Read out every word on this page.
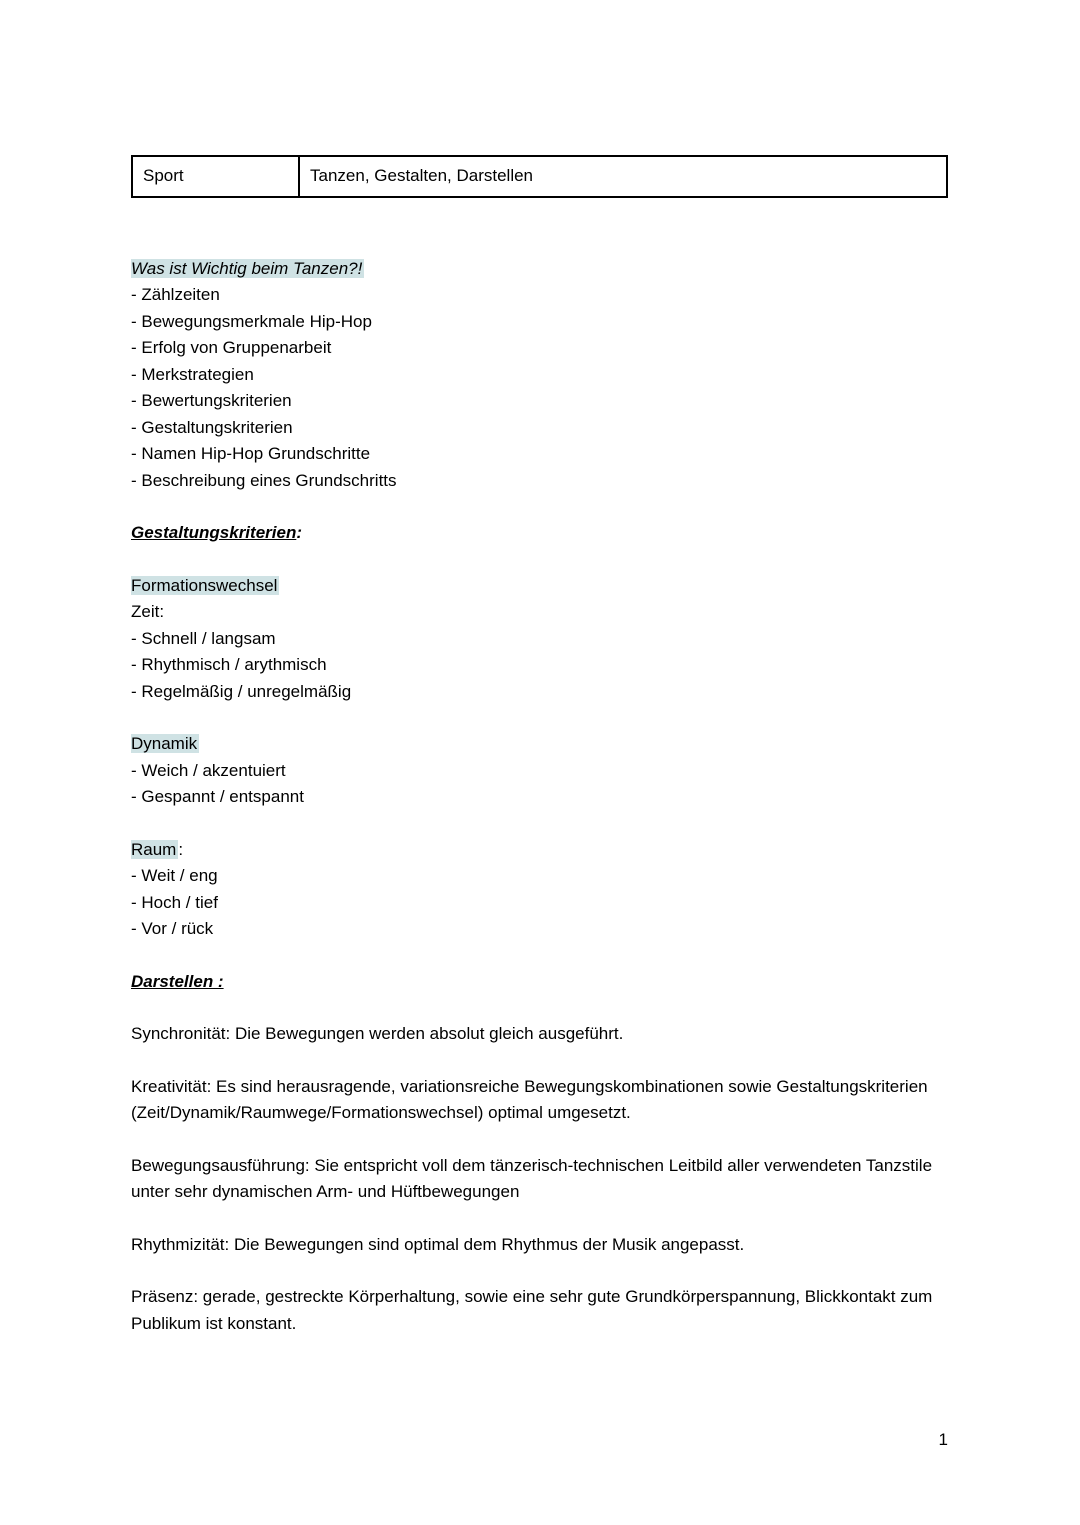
Sport	Tanzen, Gestalten, Darstellen
Was ist Wichtig beim Tanzen?!
- Zählzeiten
- Bewegungsmerkmale Hip-Hop
- Erfolg von Gruppenarbeit
- Merkstrategien
- Bewertungskriterien
- Gestaltungskriterien
- Namen Hip-Hop Grundschritte
- Beschreibung eines Grundschritts
Gestaltungskriterien:
Formationswechsel
Zeit:
- Schnell / langsam
- Rhythmisch / arythmisch
- Regelmäßig / unregelmäßig
Dynamik
- Weich / akzentuiert
- Gespannt / entspannt
Raum :
- Weit / eng
- Hoch / tief
- Vor / rück
Darstellen :

Synchronität: Die Bewegungen werden absolut gleich ausgeführt.

Kreativität: Es sind herausragende, variationsreiche Bewegungskombinationen sowie Gestaltungskriterien (Zeit/Dynamik/Raumwege/Formationswechsel) optimal umgesetzt.

Bewegungsausführung: Sie entspricht voll dem tänzerisch-technischen Leitbild aller verwendeten Tanzstile unter sehr dynamischen Arm- und Hüftbewegungen

Rhythmizität: Die Bewegungen sind optimal dem Rhythmus der Musik angepasst.

Präsenz: gerade, gestreckte Körperhaltung, sowie eine sehr gute Grundkörperspannung, Blickkontakt zum Publikum ist konstant.

1
